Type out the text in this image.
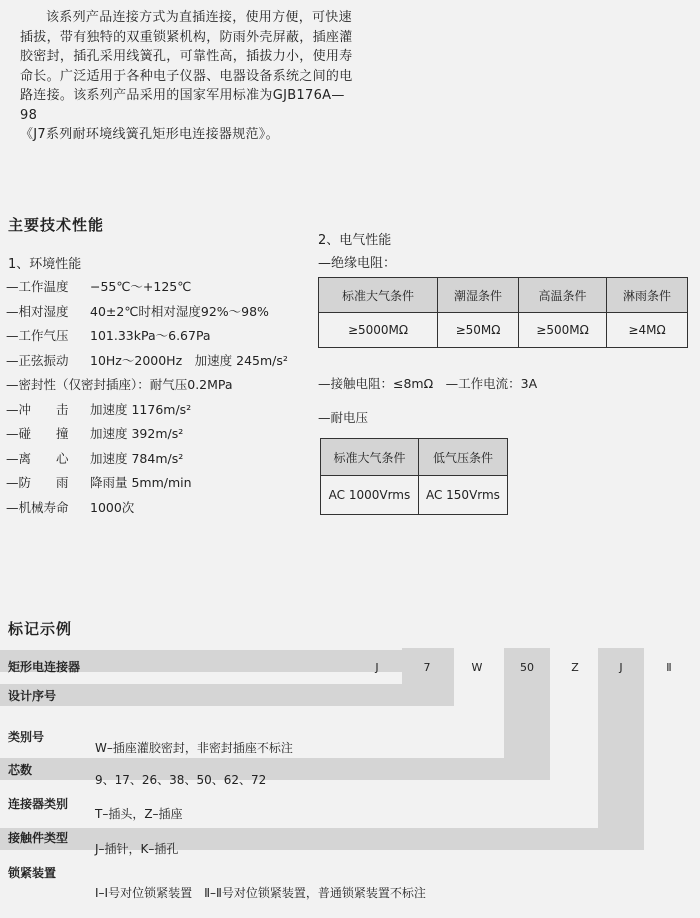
该系列产品连接方式为直插连接，使用方便，可快速

插拔，带有独特的双重锁紧机构，防雨外壳屏蔽，插座灌
胶密封，插孔采用线簧孔，可靠性高，插拔力小，使用寿
命长。广泛适用于各种电子仪器、电器设备系统之间的电
路连接。该系列产品采用的国家军用标准为GJB176A—98
《J7系列耐环境线簧孔矩形电连接器规范》。
主要技术性能
1、环境性能
—工作温度	−55℃～+125℃
—相对湿度	40±2℃时相对湿度92%～98%
—工作气压	101.33kPa～6.67Pa
—正弦振动	10Hz～2000Hz　加速度 245m/s²
—密封性（仅密封插座）：耐气压0.2MPa
—冲　　击	加速度 1176m/s²
—碰　　撞	加速度 392m/s²
—离　　心	加速度 784m/s²
—防　　雨	降雨量 5mm/min
—机械寿命	1000次
2、电气性能
—绝缘电阻：
标准大气条件	潮湿条件	高温条件	淋雨条件
≥5000MΩ	≥50MΩ	≥500MΩ	≥4MΩ
—接触电阻：≤8mΩ　—工作电流：3A
—耐电压
标准大气条件	低气压条件
AC 1000Vrms	AC 150Vrms
标记示例
J	7	W	50	Z	J	Ⅱ
矩形电连接器
设计序号
类别号
W–插座灌胶密封，非密封插座不标注
芯数
9、17、26、38、50、62、72
连接器类别
T–插头，Z–插座
接触件类型
J–插针，K–插孔
锁紧装置
Ⅰ–Ⅰ号对位锁紧装置　Ⅱ–Ⅱ号对位锁紧装置，普通锁紧装置不标注
